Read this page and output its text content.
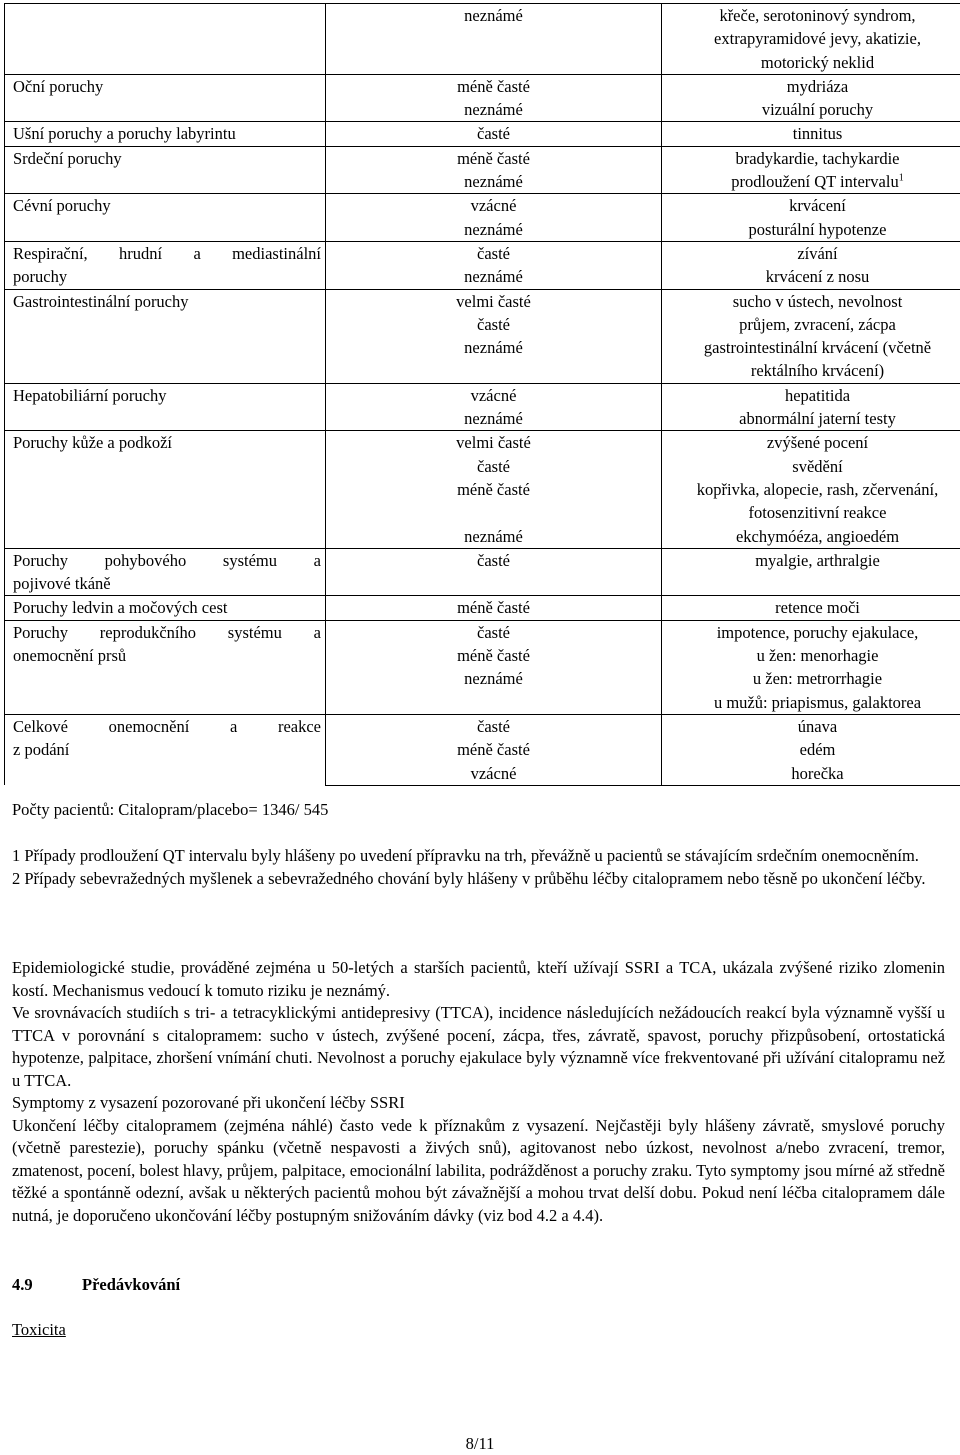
	neznámé	křeče, serotoninový syndrom,
extrapyramidové jevy, akatizie,
motorický neklid

Oční poruchy	méně časté	mydriáza

	neznámé	vizuální poruchy

Ušní poruchy a poruchy labyrintu	časté	tinnitus

Srdeční poruchy	méně časté	bradykardie, tachykardie

	neznámé	prodloužení QT intervalu$^1$

Cévní poruchy	vzácné	krvácení

	neznámé	posturální hypotenze

Respirační, hrudní a mediastinální
poruchy	časté	zívání

	neznámé	krvácení z nosu

Gastrointestinální poruchy	velmi časté	sucho v ústech, nevolnost

	časté	průjem, zvracení, zácpa

	neznámé	gastrointestinální krvácení (včetně
rektálního krvácení)

Hepatobiliární poruchy	vzácné	hepatitida

	neznámé	abnormální jaterní testy

Poruchy kůže a podkoží	velmi časté	zvýšené pocení

	časté	svědění

	méně časté	kopřivka, alopecie, rash, zčervenání,
fotosenzitivní reakce

	neznámé	ekchymóéza, angioedém

Poruchy pohybového systému a
pojivové tkáně	časté	myalgie, arthralgie

Poruchy ledvin a močových cest	méně časté	retence moči

Poruchy reprodukčního systému a
onemocnění prsů	časté	impotence, poruchy ejakulace,

	méně časté	u žen: menorhagie

	neznámé	u žen: metrorrhagie
u mužů: priapismus, galaktorea

Celkové onemocnění a reakce
z podání	časté	únava

	méně časté	edém

	vzácné	horečka
Počty pacientů: Citalopram/placebo= 1346/ 545

1 Případy prodloužení QT intervalu byly hlášeny po uvedení přípravku na trh, převážně u pacientů se stávajícím srdečním onemocněním.

2 Případy sebevražedných myšlenek a sebevražedného chování byly hlášeny v průběhu léčby citalopramem nebo těsně po ukončení léčby.

Epidemiologické studie, prováděné zejména u 50-letých a starších pacientů, kteří užívají SSRI a TCA, ukázala zvýšené riziko zlomenin kostí. Mechanismus vedoucí k tomuto riziku je neznámý.

Ve srovnávacích studiích s tri- a tetracyklickými antidepresivy (TTCA), incidence následujících nežádoucích reakcí byla významně vyšší u TTCA v porovnání s citalopramem: sucho v ústech, zvýšené pocení, zácpa, třes, závratě, spavost, poruchy přizpůsobení, ortostatická hypotenze, palpitace, zhoršení vnímání chuti. Nevolnost a poruchy ejakulace byly významně více frekventované při užívání citalopramu než u TTCA.

Symptomy z vysazení pozorované při ukončení léčby SSRI

Ukončení léčby citalopramem (zejména náhlé) často vede k příznakům z vysazení. Nejčastěji byly hlášeny závratě, smyslové poruchy (včetně parestezie), poruchy spánku (včetně nespavosti a živých snů), agitovanost nebo úzkost, nevolnost a/nebo zvracení, tremor, zmatenost, pocení, bolest hlavy, průjem, palpitace, emocionální labilita, podrážděnost a poruchy zraku. Tyto symptomy jsou mírné až středně těžké a spontánně odezní, avšak u některých pacientů mohou být závažnější a mohou trvat delší dobu. Pokud není léčba citalopramem dále nutná, je doporučeno ukončování léčby postupným snižováním dávky (viz bod 4.2 a 4.4).

4.9	Předávkování
Toxicita
8/11
